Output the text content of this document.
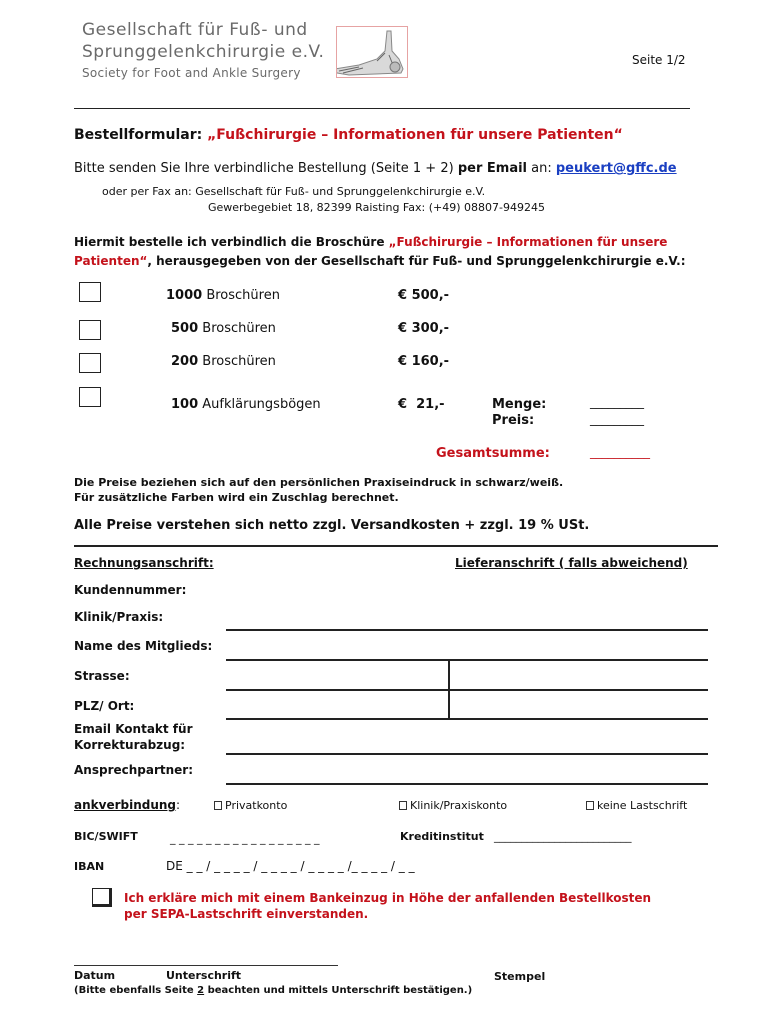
Gesellschaft für Fuß- und
Sprunggelenkchirurgie e.V.
Society for Foot and Ankle Surgery
Seite 1/2
Bestellformular: „Fußchirurgie – Informationen für unsere Patienten“
Bitte senden Sie Ihre verbindliche Bestellung (Seite 1 + 2) per Email an: peukert@gffc.de
oder per Fax an: Gesellschaft für Fuß- und Sprunggelenkchirurgie e.V.
Gewerbegebiet 18, 82399 Raisting Fax: (+49) 08807-949245
Hiermit bestelle ich verbindlich die Broschüre „Fußchirurgie – Informationen für unsere
Patienten“, herausgegeben von der Gesellschaft für Fuß- und Sprunggelenkchirurgie e.V.:
1000 Broschüren	€ 500,-
500 Broschüren	€ 300,-
200 Broschüren	€ 160,-
100 Aufklärungsbögen	€  21,-	Menge:	_________
Preis:	_________
Gesamtsumme:	__________
Die Preise beziehen sich auf den persönlichen Praxiseindruck in schwarz/weiß.
Für zusätzliche Farben wird ein Zuschlag berechnet.
Alle Preise verstehen sich netto zzgl. Versandkosten + zzgl. 19 % USt.
Rechnungsanschrift:	Lieferanschrift ( falls abweichend)
Kundennummer:
Klinik/Praxis:
Name des Mitglieds:
Strasse:
PLZ/ Ort:
Email Kontakt für
Korrekturabzug:
Ansprechpartner:
ankverbindung:	Privatkonto	Klinik/Praxiskonto	keine Lastschrift
BIC/SWIFT	_ _ _ _ _ _ _ _ _ _ _ _ _ _ _ _ _	Kreditinstitut _________________________
IBAN	DE _ _ / _ _ _ _ / _ _ _ _ / _ _ _ _ /_ _ _ _ / _ _
Ich erkläre mich mit einem Bankeinzug in Höhe der anfallenden Bestellkosten
per SEPA-Lastschrift einverstanden.
Datum	Unterschrift	Stempel
(Bitte ebenfalls Seite 2 beachten und mittels Unterschrift bestätigen.)
